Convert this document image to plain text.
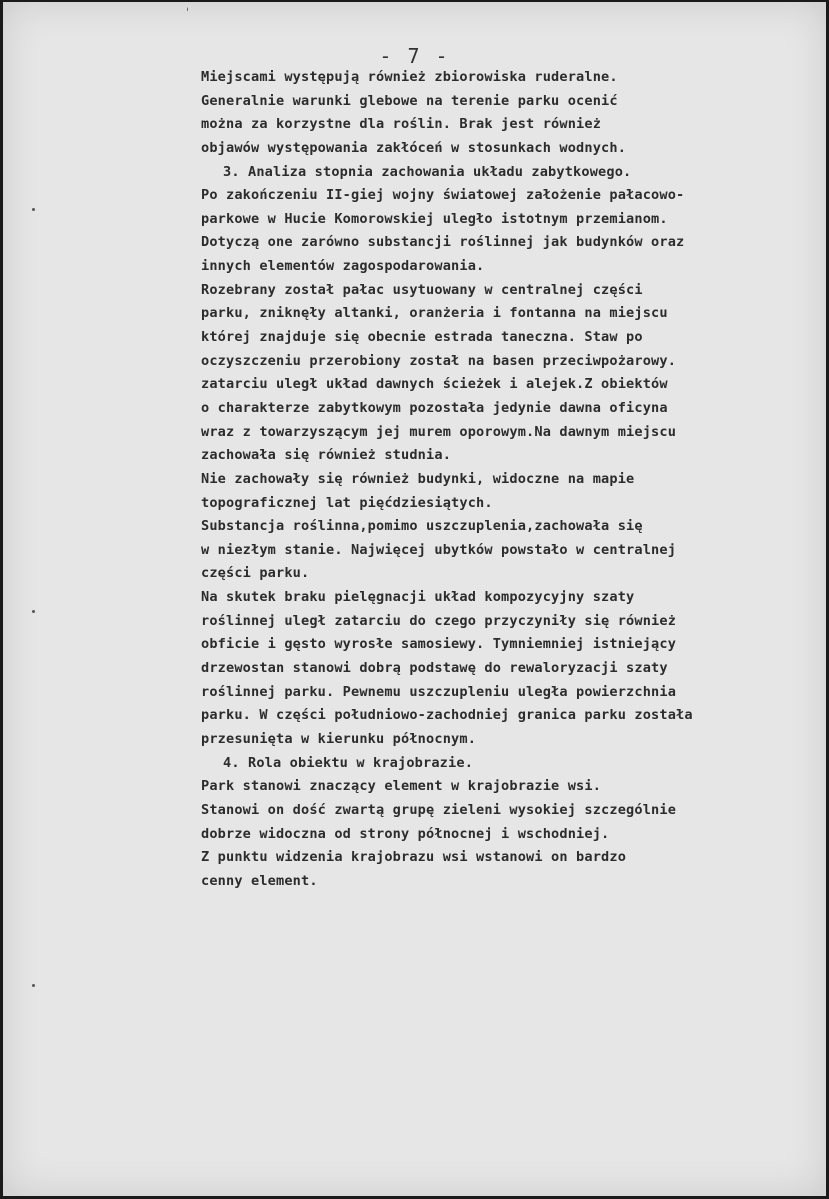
ˈ
- 7 -
Miejscami występują również zbiorowiska ruderalne.
Generalnie warunki glebowe na terenie parku ocenić
można za korzystne dla roślin. Brak jest również
objawów występowania zakłóceń w stosunkach wodnych.
3. Analiza stopnia zachowania układu zabytkowego.
Po zakończeniu II-giej wojny światowej założenie pałacowo-
parkowe w Hucie Komorowskiej uległo istotnym przemianom.
Dotyczą one zarówno substancji roślinnej jak budynków oraz
innych elementów zagospodarowania.
Rozebrany został pałac usytuowany w centralnej części
parku, zniknęły altanki, oranżeria i fontanna na miejscu
której znajduje się obecnie estrada taneczna. Staw po
oczyszczeniu przerobiony został na basen przeciwpożarowy.
zatarciu uległ układ dawnych ścieżek i alejek.Z obiektów
o charakterze zabytkowym pozostała jedynie dawna oficyna
wraz z towarzyszącym jej murem oporowym.Na dawnym miejscu
zachowała się również studnia.
Nie zachowały się również budynki, widoczne na mapie
topograficznej lat pięćdziesiątych.
Substancja roślinna,pomimo uszczuplenia,zachowała się
w niezłym stanie. Najwięcej ubytków powstało w centralnej
części parku.
Na skutek braku pielęgnacji układ kompozycyjny szaty
roślinnej uległ zatarciu do czego przyczyniły się również
obficie i gęsto wyrosłe samosiewy. Tymniemniej istniejący
drzewostan stanowi dobrą podstawę do rewaloryzacji szaty
roślinnej parku. Pewnemu uszczupleniu uległa powierzchnia
parku. W części południowo-zachodniej granica parku została
przesunięta w kierunku północnym.
4. Rola obiektu w krajobrazie.
Park stanowi znaczący element w krajobrazie wsi.
Stanowi on dość zwartą grupę zieleni wysokiej szczególnie
dobrze widoczna od strony północnej i wschodniej.
Z punktu widzenia krajobrazu wsi wstanowi on bardzo
cenny element.
